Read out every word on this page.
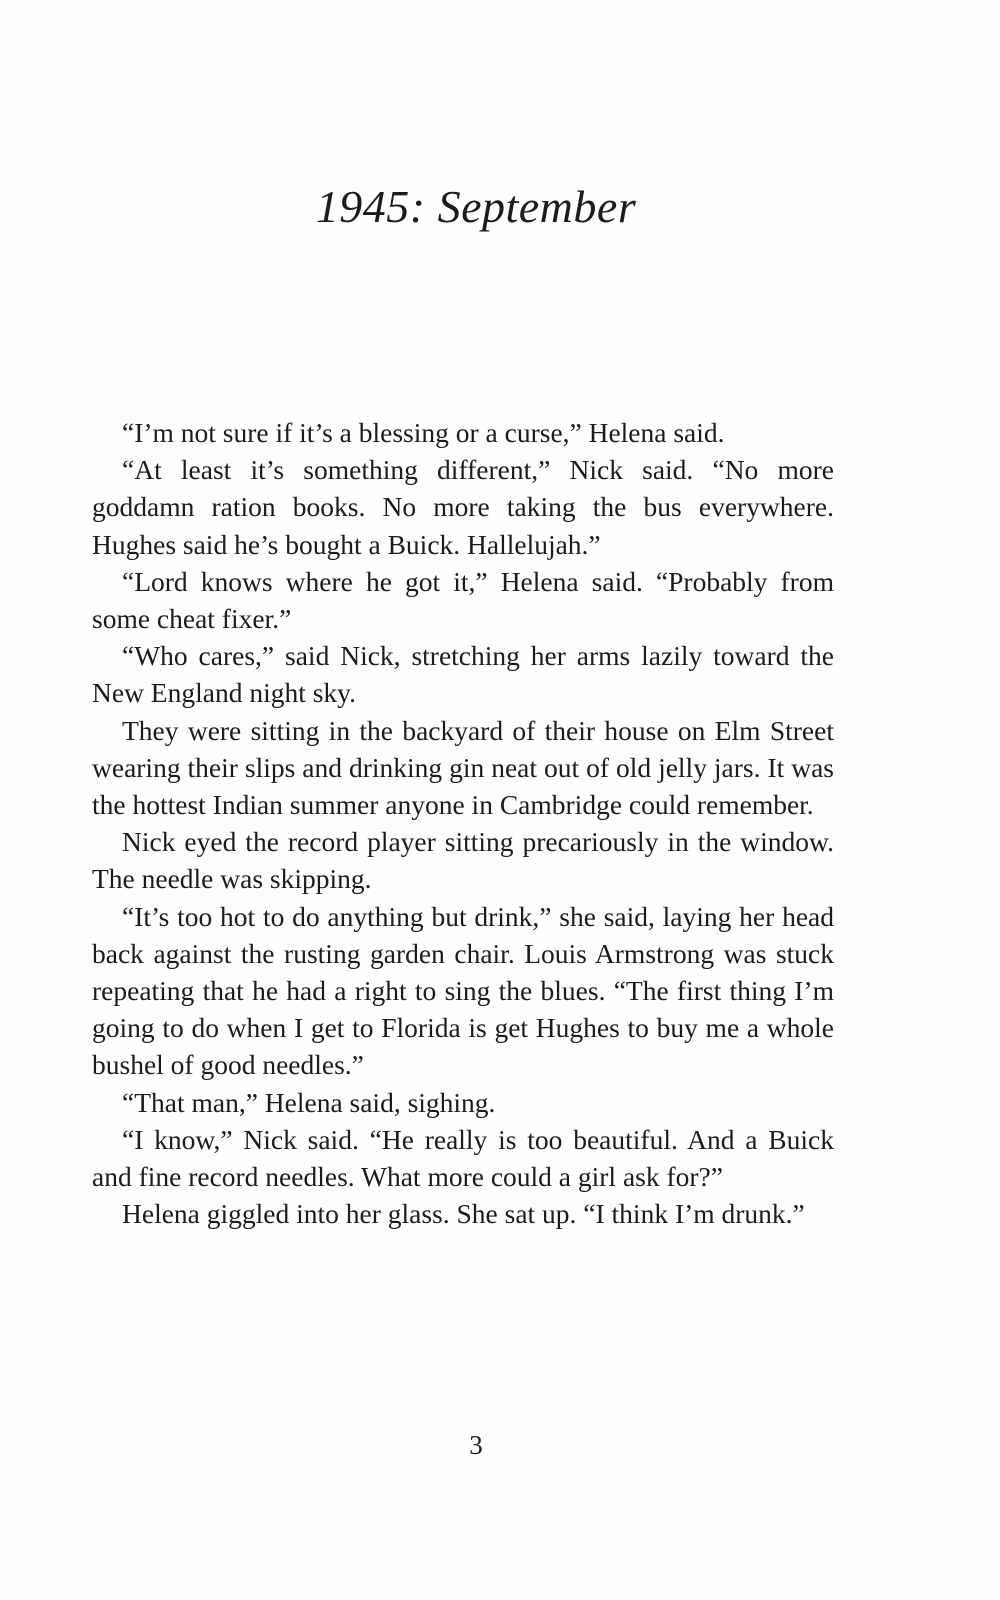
1945: September

“I’m not sure if it’s a blessing or a curse,” Helena said.

“At least it’s something different,” Nick said. “No more goddamn ration books. No more taking the bus everywhere. Hughes said he’s bought a Buick. Hallelujah.”

“Lord knows where he got it,” Helena said. “Probably from some cheat fixer.”

“Who cares,” said Nick, stretching her arms lazily toward the New England night sky.

They were sitting in the backyard of their house on Elm Street wearing their slips and drinking gin neat out of old jelly jars. It was the hottest Indian summer anyone in Cambridge could remember.

Nick eyed the record player sitting precariously in the window. The needle was skipping.

“It’s too hot to do anything but drink,” she said, laying her head back against the rusting garden chair. Louis Armstrong was stuck repeating that he had a right to sing the blues. “The first thing I’m going to do when I get to Florida is get Hughes to buy me a whole bushel of good needles.”

“That man,” Helena said, sighing.

“I know,” Nick said. “He really is too beautiful. And a Buick and fine record needles. What more could a girl ask for?”

Helena giggled into her glass. She sat up. “I think I’m drunk.”

3
